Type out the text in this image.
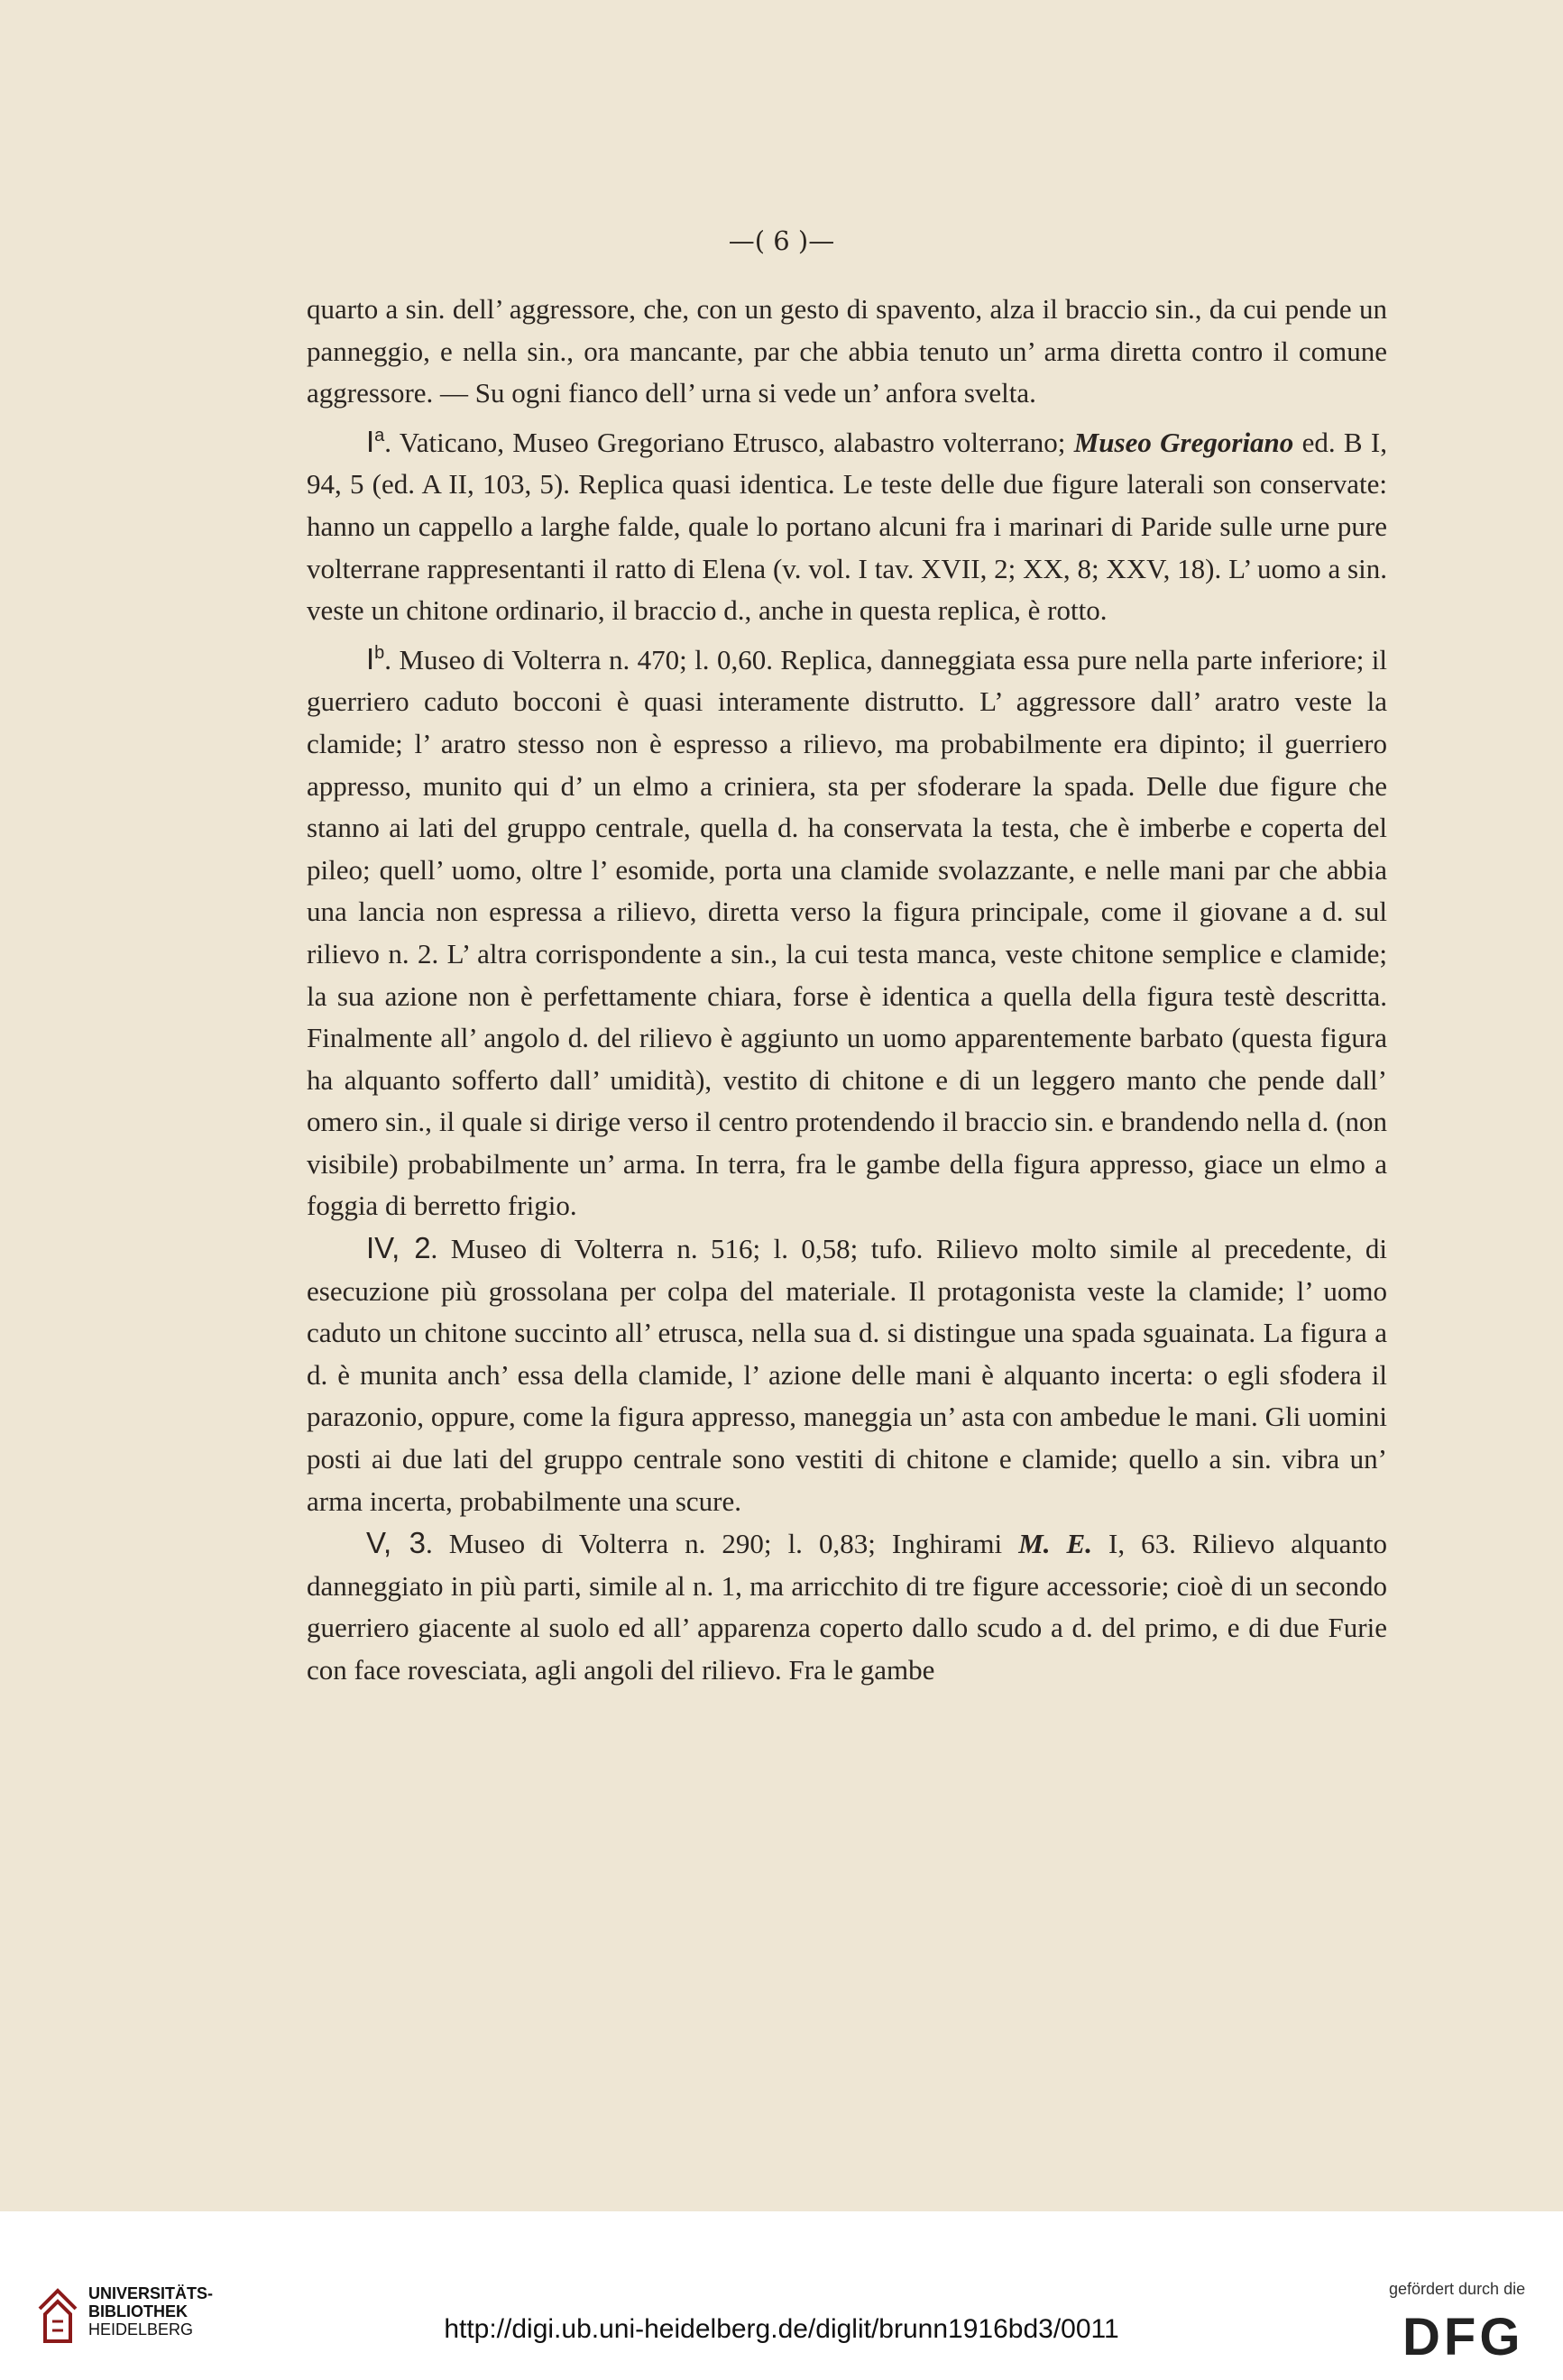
—( 6 )—

quarto a sin. dell’ aggressore, che, con un gesto di spavento, alza il braccio sin., da cui pende un panneggio, e nella sin., ora mancante, par che abbia tenuto un’ arma diretta contro il comune aggressore. — Su ogni fianco dell’ urna si vede un’ anfora svelta.

$I^a$. Vaticano, Museo Gregoriano Etrusco, alabastro volterrano; Museo Gregoriano ed. B I, 94, 5 (ed. A II, 103, 5). Replica quasi identica. Le teste delle due figure laterali son conservate: hanno un cappello a larghe falde, quale lo portano alcuni fra i marinari di Paride sulle urne pure volterrane rappresentanti il ratto di Elena (v. vol. I tav. XVII, 2; XX, 8; XXV, 18). L’ uomo a sin. veste un chitone ordinario, il braccio d., anche in questa replica, è rotto.

$I^b$. Museo di Volterra n. 470; l. 0,60. Replica, danneggiata essa pure nella parte inferiore; il guerriero caduto bocconi è quasi interamente distrutto. L’ aggressore dall’ aratro veste la clamide; l’ aratro stesso non è espresso a rilievo, ma probabilmente era dipinto; il guerriero appresso, munito qui d’ un elmo a criniera, sta per sfoderare la spada. Delle due figure che stanno ai lati del gruppo centrale, quella d. ha conservata la testa, che è imberbe e coperta del pileo; quell’ uomo, oltre l’ esomide, porta una clamide svolazzante, e nelle mani par che abbia una lancia non espressa a rilievo, diretta verso la figura principale, come il giovane a d. sul rilievo n. 2. L’ altra corrispondente a sin., la cui testa manca, veste chitone semplice e clamide; la sua azione non è perfettamente chiara, forse è identica a quella della figura testè descritta. Finalmente all’ angolo d. del rilievo è aggiunto un uomo apparentemente barbato (questa figura ha alquanto sofferto dall’ umidità), vestito di chitone e di un leggero manto che pende dall’ omero sin., il quale si dirige verso il centro protendendo il braccio sin. e brandendo nella d. (non visibile) probabilmente un’ arma. In terra, fra le gambe della figura appresso, giace un elmo a foggia di berretto frigio.

IV, 2. Museo di Volterra n. 516; l. 0,58; tufo. Rilievo molto simile al precedente, di esecuzione più grossolana per colpa del materiale. Il protagonista veste la clamide; l’ uomo caduto un chitone succinto all’ etrusca, nella sua d. si distingue una spada sguainata. La figura a d. è munita anch’ essa della clamide, l’ azione delle mani è alquanto incerta: o egli sfodera il parazonio, oppure, come la figura appresso, maneggia un’ asta con ambedue le mani. Gli uomini posti ai due lati del gruppo centrale sono vestiti di chitone e clamide; quello a sin. vibra un’ arma incerta, probabilmente una scure.

V, 3. Museo di Volterra n. 290; l. 0,83; Inghirami M. E. I, 63. Rilievo alquanto danneggiato in più parti, simile al n. 1, ma arricchito di tre figure accessorie; cioè di un secondo guerriero giacente al suolo ed all’ apparenza coperto dallo scudo a d. del primo, e di due Furie con face rovesciata, agli angoli del rilievo. Fra le gambe

UNIVERSITÄTS-
BIBLIOTHEK
HEIDELBERG	http://digi.ub.uni-heidelberg.de/diglit/brunn1916bd3/0011
gefördert durch die
DFG
